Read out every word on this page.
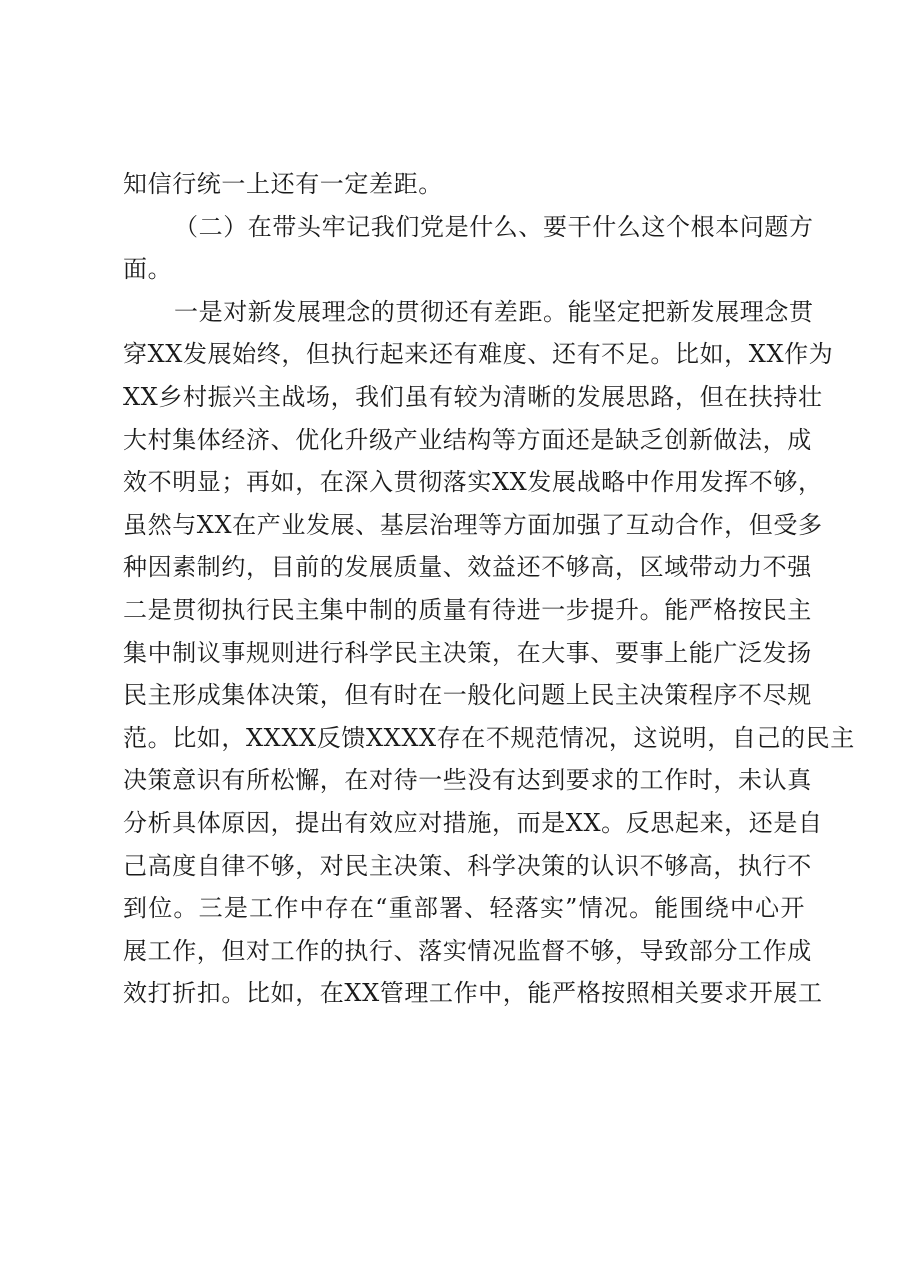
知信行统一上还有一定差距。
（二）在带头牢记我们党是什么、要干什么这个根本问题方
面。
一是对新发展理念的贯彻还有差距。能坚定把新发展理念贯
穿XX发展始终，但执行起来还有难度、还有不足。比如，XX作为
XX乡村振兴主战场，我们虽有较为清晰的发展思路，但在扶持壮
大村集体经济、优化升级产业结构等方面还是缺乏创新做法，成
效不明显；再如，在深入贯彻落实XX发展战略中作用发挥不够，
虽然与XX在产业发展、基层治理等方面加强了互动合作，但受多
种因素制约，目前的发展质量、效益还不够高，区域带动力不强
二是贯彻执行民主集中制的质量有待进一步提升。能严格按民主
集中制议事规则进行科学民主决策，在大事、要事上能广泛发扬
民主形成集体决策，但有时在一般化问题上民主决策程序不尽规
范。比如，XXXX反馈XXXX存在不规范情况，这说明，自己的民主
决策意识有所松懈，在对待一些没有达到要求的工作时，未认真
分析具体原因，提出有效应对措施，而是XX。反思起来，还是自
己高度自律不够，对民主决策、科学决策的认识不够高，执行不
到位。三是工作中存在“重部署、轻落实”情况。能围绕中心开
展工作，但对工作的执行、落实情况监督不够，导致部分工作成
效打折扣。比如，在XX管理工作中，能严格按照相关要求开展工
